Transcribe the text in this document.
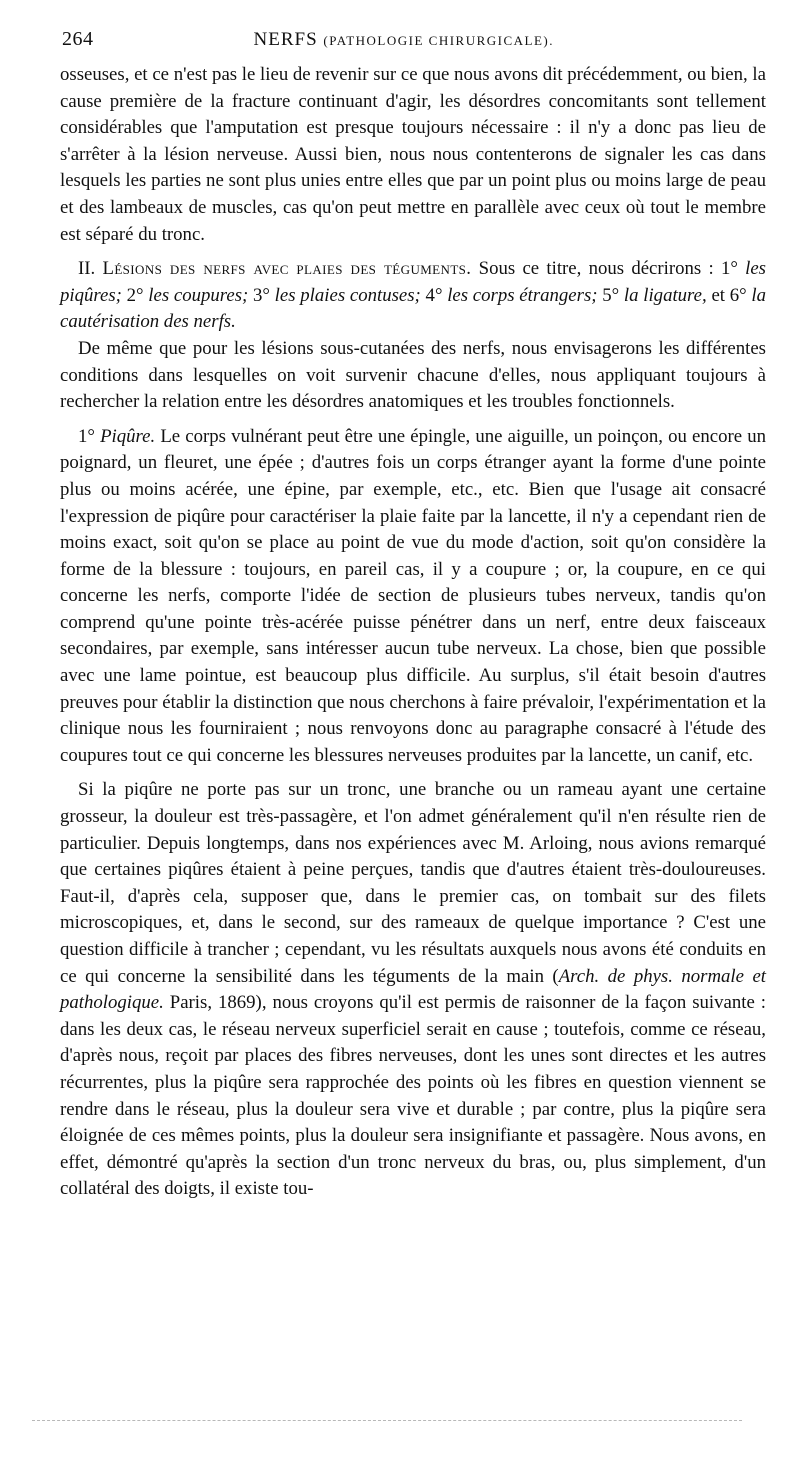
264	NERFS (PATHOLOGIE CHIRURGICALE).

osseuses, et ce n'est pas le lieu de revenir sur ce que nous avons dit précédemment, ou bien, la cause première de la fracture continuant d'agir, les désordres concomitants sont tellement considérables que l'amputation est presque toujours nécessaire : il n'y a donc pas lieu de s'arrêter à la lésion nerveuse. Aussi bien, nous nous contenterons de signaler les cas dans lesquels les parties ne sont plus unies entre elles que par un point plus ou moins large de peau et des lambeaux de muscles, cas qu'on peut mettre en parallèle avec ceux où tout le membre est séparé du tronc.

II. Lésions des nerfs avec plaies des téguments. Sous ce titre, nous décrirons : 1° les piqûres; 2° les coupures; 3° les plaies contuses; 4° les corps étrangers; 5° la ligature, et 6° la cautérisation des nerfs.

De même que pour les lésions sous-cutanées des nerfs, nous envisagerons les différentes conditions dans lesquelles on voit survenir chacune d'elles, nous appliquant toujours à rechercher la relation entre les désordres anatomiques et les troubles fonctionnels.

1° Piqûre. Le corps vulnérant peut être une épingle, une aiguille, un poinçon, ou encore un poignard, un fleuret, une épée ; d'autres fois un corps étranger ayant la forme d'une pointe plus ou moins acérée, une épine, par exemple, etc., etc. Bien que l'usage ait consacré l'expression de piqûre pour caractériser la plaie faite par la lancette, il n'y a cependant rien de moins exact, soit qu'on se place au point de vue du mode d'action, soit qu'on considère la forme de la blessure : toujours, en pareil cas, il y a coupure ; or, la coupure, en ce qui concerne les nerfs, comporte l'idée de section de plusieurs tubes nerveux, tandis qu'on comprend qu'une pointe très-acérée puisse pénétrer dans un nerf, entre deux faisceaux secondaires, par exemple, sans intéresser aucun tube nerveux. La chose, bien que possible avec une lame pointue, est beaucoup plus difficile. Au surplus, s'il était besoin d'autres preuves pour établir la distinction que nous cherchons à faire prévaloir, l'expérimentation et la clinique nous les fourniraient ; nous renvoyons donc au paragraphe consacré à l'étude des coupures tout ce qui concerne les blessures nerveuses produites par la lancette, un canif, etc.

Si la piqûre ne porte pas sur un tronc, une branche ou un rameau ayant une certaine grosseur, la douleur est très-passagère, et l'on admet généralement qu'il n'en résulte rien de particulier. Depuis longtemps, dans nos expériences avec M. Arloing, nous avions remarqué que certaines piqûres étaient à peine perçues, tandis que d'autres étaient très-douloureuses. Faut-il, d'après cela, supposer que, dans le premier cas, on tombait sur des filets microscopiques, et, dans le second, sur des rameaux de quelque importance ? C'est une question difficile à trancher ; cependant, vu les résultats auxquels nous avons été conduits en ce qui concerne la sensibilité dans les téguments de la main (Arch. de phys. normale et pathologique. Paris, 1869), nous croyons qu'il est permis de raisonner de la façon suivante : dans les deux cas, le réseau nerveux superficiel serait en cause ; toutefois, comme ce réseau, d'après nous, reçoit par places des fibres nerveuses, dont les unes sont directes et les autres récurrentes, plus la piqûre sera rapprochée des points où les fibres en question viennent se rendre dans le réseau, plus la douleur sera vive et durable ; par contre, plus la piqûre sera éloignée de ces mêmes points, plus la douleur sera insignifiante et passagère. Nous avons, en effet, démontré qu'après la section d'un tronc nerveux du bras, ou, plus simplement, d'un collatéral des doigts, il existe tou-
